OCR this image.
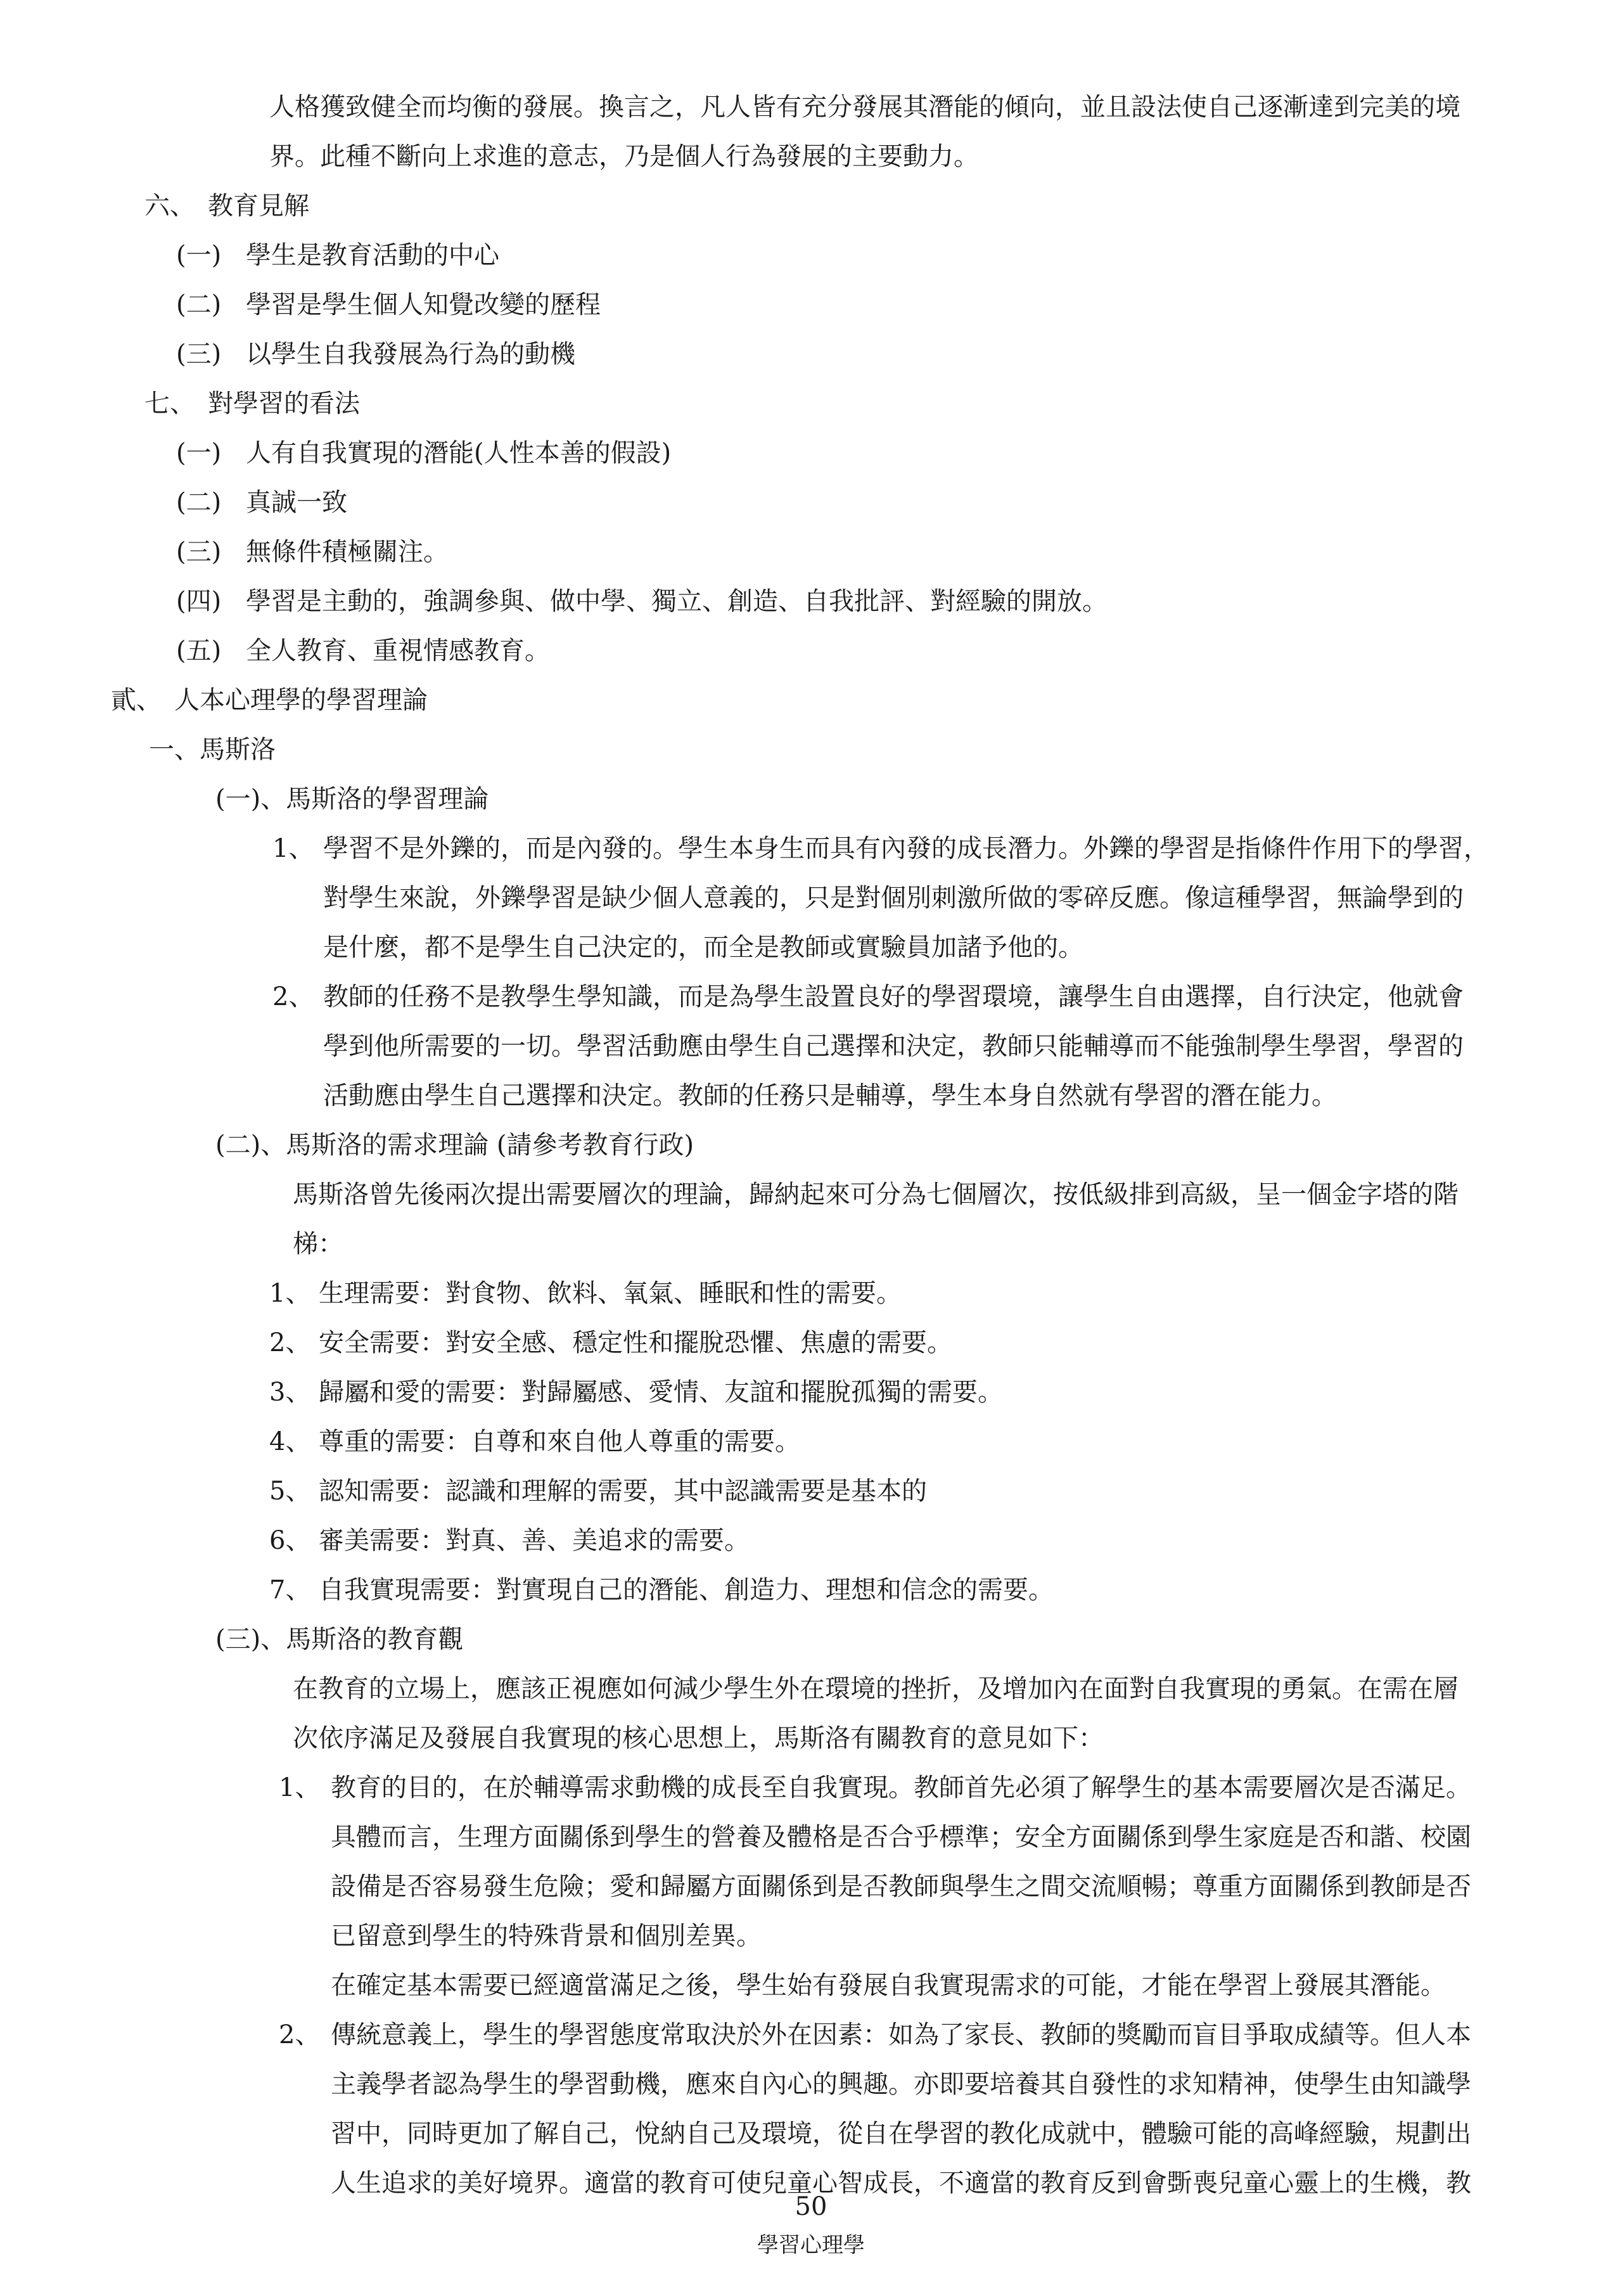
人格獲致健全而均衡的發展。換言之，凡人皆有充分發展其潛能的傾向，並且設法使自己逐漸達到完美的境
界。此種不斷向上求進的意志，乃是個人行為發展的主要動力。
六、 教育見解
(一) 學生是教育活動的中心
(二) 學習是學生個人知覺改變的歷程
(三) 以學生自我發展為行為的動機
七、 對學習的看法
(一) 人有自我實現的潛能(人性本善的假設)
(二) 真誠一致
(三) 無條件積極關注。
(四) 學習是主動的，強調參與、做中學、獨立、創造、自我批評、對經驗的開放。
(五) 全人教育、重視情感教育。
貳、 人本心理學的學習理論
一、馬斯洛
(一)、馬斯洛的學習理論
1、 學習不是外鑠的，而是內發的。學生本身生而具有內發的成長潛力。外鑠的學習是指條件作用下的學習，
對學生來說，外鑠學習是缺少個人意義的，只是對個別刺激所做的零碎反應。像這種學習，無論學到的
是什麼，都不是學生自己決定的，而全是教師或實驗員加諸予他的。
2、 教師的任務不是教學生學知識，而是為學生設置良好的學習環境，讓學生自由選擇，自行決定，他就會
學到他所需要的一切。學習活動應由學生自己選擇和決定，教師只能輔導而不能強制學生學習，學習的
活動應由學生自己選擇和決定。教師的任務只是輔導，學生本身自然就有學習的潛在能力。
(二)、馬斯洛的需求理論 (請參考教育行政)
馬斯洛曾先後兩次提出需要層次的理論，歸納起來可分為七個層次，按低級排到高級，呈一個金字塔的階
梯：
1、 生理需要：對食物、飲料、氧氣、睡眠和性的需要。
2、 安全需要：對安全感、穩定性和擺脫恐懼、焦慮的需要。
3、 歸屬和愛的需要：對歸屬感、愛情、友誼和擺脫孤獨的需要。
4、 尊重的需要：自尊和來自他人尊重的需要。
5、 認知需要：認識和理解的需要，其中認識需要是基本的
6、 審美需要：對真、善、美追求的需要。
7、 自我實現需要：對實現自己的潛能、創造力、理想和信念的需要。
(三)、馬斯洛的教育觀
在教育的立場上，應該正視應如何減少學生外在環境的挫折，及增加內在面對自我實現的勇氣。在需在層
次依序滿足及發展自我實現的核心思想上，馬斯洛有關教育的意見如下：
1、 教育的目的，在於輔導需求動機的成長至自我實現。教師首先必須了解學生的基本需要層次是否滿足。
具體而言，生理方面關係到學生的營養及體格是否合乎標準；安全方面關係到學生家庭是否和諧、校園
設備是否容易發生危險；愛和歸屬方面關係到是否教師與學生之間交流順暢；尊重方面關係到教師是否
已留意到學生的特殊背景和個別差異。
在確定基本需要已經適當滿足之後，學生始有發展自我實現需求的可能，才能在學習上發展其潛能。
2、 傳統意義上，學生的學習態度常取決於外在因素：如為了家長、教師的獎勵而盲目爭取成績等。但人本
主義學者認為學生的學習動機，應來自內心的興趣。亦即要培養其自發性的求知精神，使學生由知識學
習中，同時更加了解自己，悅納自己及環境，從自在學習的教化成就中，體驗可能的高峰經驗，規劃出
人生追求的美好境界。適當的教育可使兒童心智成長，不適當的教育反到會斲喪兒童心靈上的生機，教
50
學習心理學
